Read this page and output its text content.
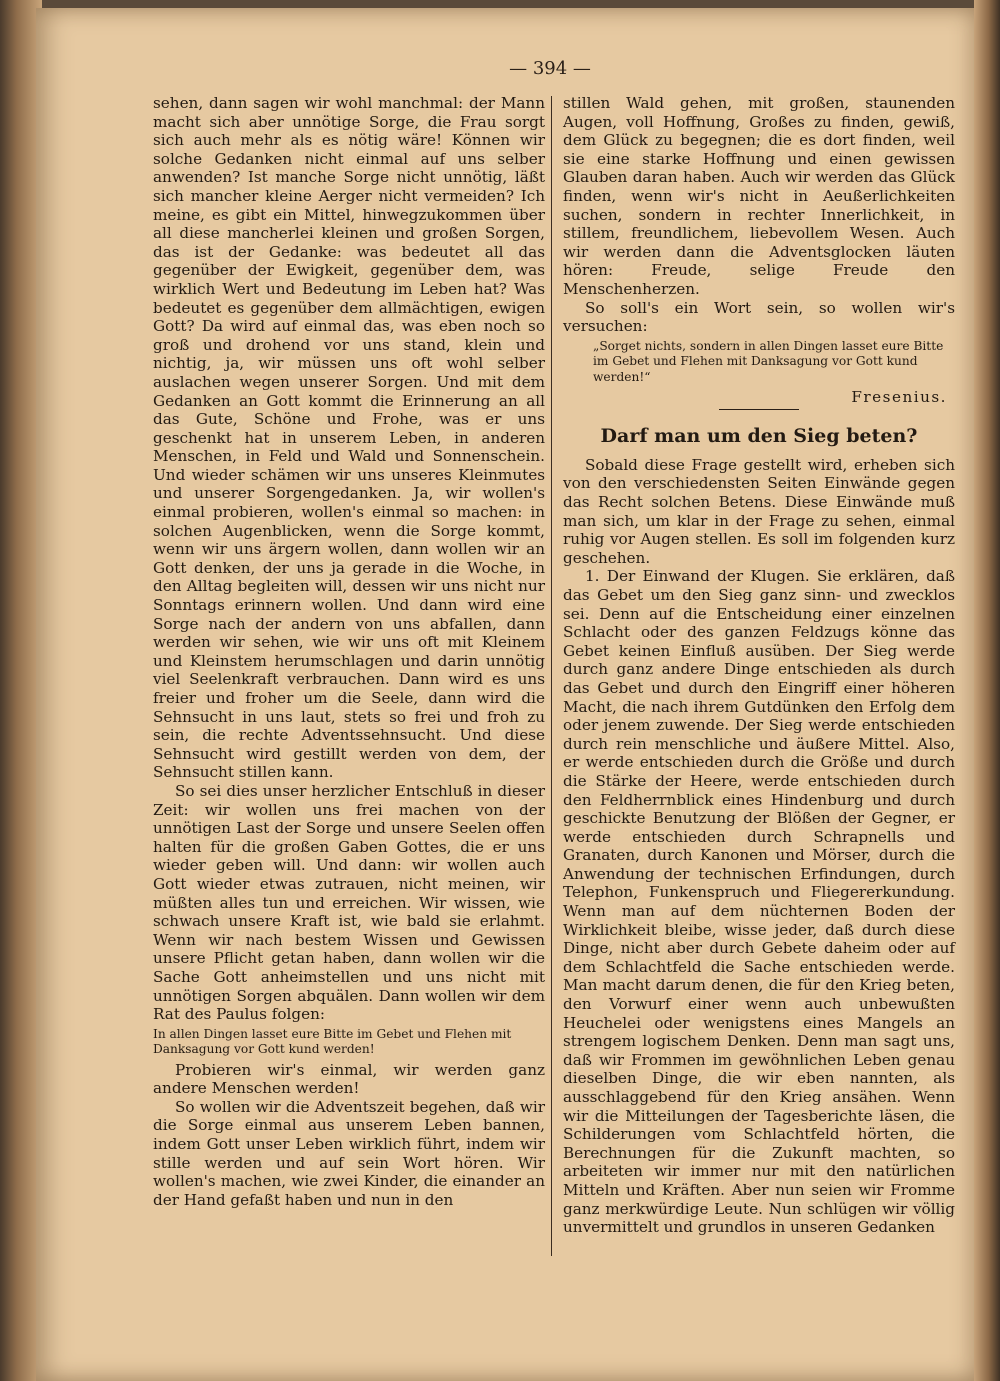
— 394 —

sehen, dann sagen wir wohl manchmal: der Mann macht sich aber unnötige Sorge, die Frau sorgt sich auch mehr als es nötig wäre! Können wir solche Gedanken nicht einmal auf uns selber anwenden? Ist manche Sorge nicht unnötig, läßt sich mancher kleine Aerger nicht vermeiden? Ich meine, es gibt ein Mittel, hinwegzukommen über all diese mancherlei kleinen und großen Sorgen, das ist der Gedanke: was bedeutet all das gegenüber der Ewigkeit, gegenüber dem, was wirklich Wert und Bedeutung im Leben hat? Was bedeutet es gegenüber dem allmächtigen, ewigen Gott? Da wird auf einmal das, was eben noch so groß und drohend vor uns stand, klein und nichtig, ja, wir müssen uns oft wohl selber auslachen wegen unserer Sorgen. Und mit dem Gedanken an Gott kommt die Erinnerung an all das Gute, Schöne und Frohe, was er uns geschenkt hat in unserem Leben, in anderen Menschen, in Feld und Wald und Sonnenschein. Und wieder schämen wir uns unseres Kleinmutes und unserer Sorgengedanken. Ja, wir wollen's einmal probieren, wollen's einmal so machen: in solchen Augenblicken, wenn die Sorge kommt, wenn wir uns ärgern wollen, dann wollen wir an Gott denken, der uns ja gerade in die Woche, in den Alltag begleiten will, dessen wir uns nicht nur Sonntags erinnern wollen. Und dann wird eine Sorge nach der andern von uns abfallen, dann werden wir sehen, wie wir uns oft mit Kleinem und Kleinstem herumschlagen und darin unnötig viel Seelenkraft verbrauchen. Dann wird es uns freier und froher um die Seele, dann wird die Sehnsucht in uns laut, stets so frei und froh zu sein, die rechte Adventssehnsucht. Und diese Sehnsucht wird gestillt werden von dem, der Sehnsucht stillen kann.

So sei dies unser herzlicher Entschluß in dieser Zeit: wir wollen uns frei machen von der unnötigen Last der Sorge und unsere Seelen offen halten für die großen Gaben Gottes, die er uns wieder geben will. Und dann: wir wollen auch Gott wieder etwas zutrauen, nicht meinen, wir müßten alles tun und erreichen. Wir wissen, wie schwach unsere Kraft ist, wie bald sie erlahmt. Wenn wir nach bestem Wissen und Gewissen unsere Pflicht getan haben, dann wollen wir die Sache Gott anheimstellen und uns nicht mit unnötigen Sorgen abquälen. Dann wollen wir dem Rat des Paulus folgen:

In allen Dingen lasset eure Bitte im Gebet und Flehen mit Danksagung vor Gott kund werden!

Probieren wir's einmal, wir werden ganz andere Menschen werden!

So wollen wir die Adventszeit begehen, daß wir die Sorge einmal aus unserem Leben bannen, indem Gott unser Leben wirklich führt, indem wir stille werden und auf sein Wort hören. Wir wollen's machen, wie zwei Kinder, die einander an der Hand gefaßt haben und nun in den

stillen Wald gehen, mit großen, staunenden Augen, voll Hoffnung, Großes zu finden, gewiß, dem Glück zu begegnen; die es dort finden, weil sie eine starke Hoffnung und einen gewissen Glauben daran haben. Auch wir werden das Glück finden, wenn wir's nicht in Aeußerlichkeiten suchen, sondern in rechter Innerlichkeit, in stillem, freundlichem, liebevollem Wesen. Auch wir werden dann die Adventsglocken läuten hören: Freude, selige Freude den Menschenherzen.

So soll's ein Wort sein, so wollen wir's versuchen:

„Sorget nichts, sondern in allen Dingen lasset eure Bitte im Gebet und Flehen mit Danksagung vor Gott kund werden!“
Fresenius.
Darf man um den Sieg beten?

Sobald diese Frage gestellt wird, erheben sich von den verschiedensten Seiten Einwände gegen das Recht solchen Betens. Diese Einwände muß man sich, um klar in der Frage zu sehen, einmal ruhig vor Augen stellen. Es soll im folgenden kurz geschehen.

1. Der Einwand der Klugen. Sie erklären, daß das Gebet um den Sieg ganz sinn- und zwecklos sei. Denn auf die Entscheidung einer einzelnen Schlacht oder des ganzen Feldzugs könne das Gebet keinen Einfluß ausüben. Der Sieg werde durch ganz andere Dinge entschieden als durch das Gebet und durch den Eingriff einer höheren Macht, die nach ihrem Gutdünken den Erfolg dem oder jenem zuwende. Der Sieg werde entschieden durch rein menschliche und äußere Mittel. Also, er werde entschieden durch die Größe und durch die Stärke der Heere, werde entschieden durch den Feldherrnblick eines Hindenburg und durch geschickte Benutzung der Blößen der Gegner, er werde entschieden durch Schrapnells und Granaten, durch Kanonen und Mörser, durch die Anwendung der technischen Erfindungen, durch Telephon, Funkenspruch und Fliegererkundung. Wenn man auf dem nüchternen Boden der Wirklichkeit bleibe, wisse jeder, daß durch diese Dinge, nicht aber durch Gebete daheim oder auf dem Schlachtfeld die Sache entschieden werde. Man macht darum denen, die für den Krieg beten, den Vorwurf einer wenn auch unbewußten Heuchelei oder wenigstens eines Mangels an strengem logischem Denken. Denn man sagt uns, daß wir Frommen im gewöhnlichen Leben genau dieselben Dinge, die wir eben nannten, als ausschlaggebend für den Krieg ansähen. Wenn wir die Mitteilungen der Tagesberichte läsen, die Schilderungen vom Schlachtfeld hörten, die Berechnungen für die Zukunft machten, so arbeiteten wir immer nur mit den natürlichen Mitteln und Kräften. Aber nun seien wir Fromme ganz merkwürdige Leute. Nun schlügen wir völlig unvermittelt und grundlos in unseren Gedanken
